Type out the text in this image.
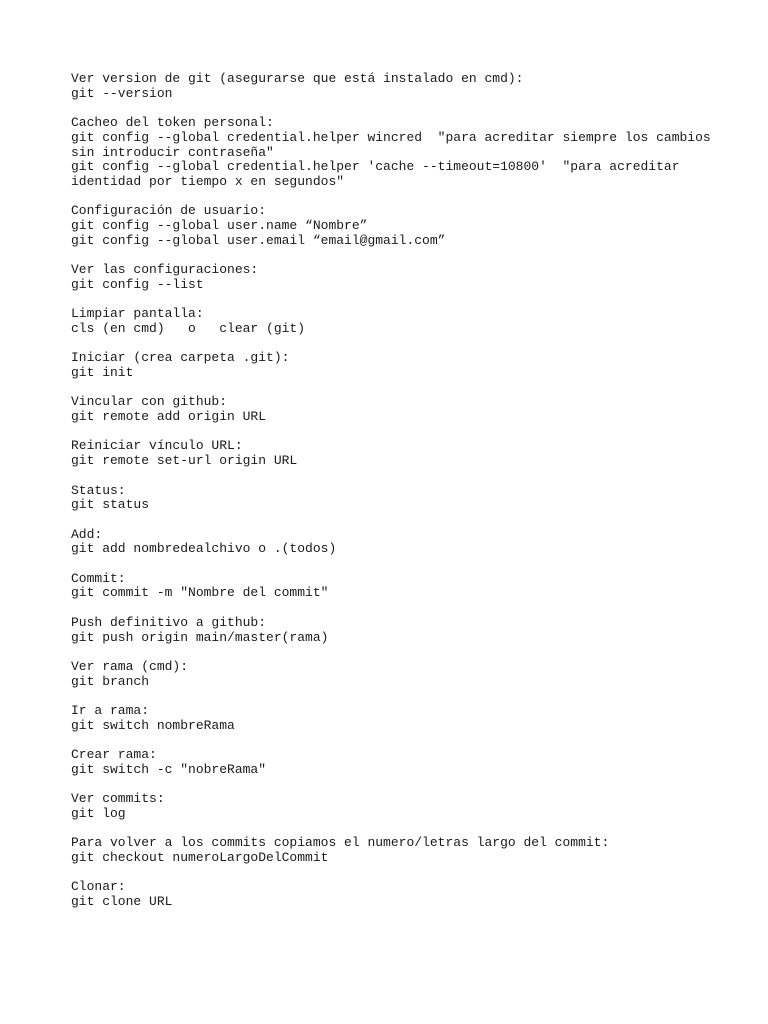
Ver version de git (asegurarse que está instalado en cmd):
git --version
Cacheo del token personal:
git config --global credential.helper wincred  "para acreditar siempre los cambios
sin introducir contraseña"
git config --global credential.helper 'cache --timeout=10800'  "para acreditar
identidad por tiempo x en segundos"
Configuración de usuario:
git config --global user.name “Nombre”
git config --global user.email “email@gmail.com”
Ver las configuraciones:
git config --list
Limpiar pantalla:
cls (en cmd)   o   clear (git)
Iniciar (crea carpeta .git):
git init
Vincular con github:
git remote add origin URL
Reiniciar vínculo URL:
git remote set-url origin URL
Status:
git status
Add:
git add nombredealchivo o .(todos)
Commit:
git commit -m "Nombre del commit"
Push definitivo a github:
git push origin main/master(rama)
Ver rama (cmd):
git branch
Ir a rama:
git switch nombreRama
Crear rama:
git switch -c "nobreRama"
Ver commits:
git log
Para volver a los commits copiamos el numero/letras largo del commit:
git checkout numeroLargoDelCommit
Clonar:
git clone URL
